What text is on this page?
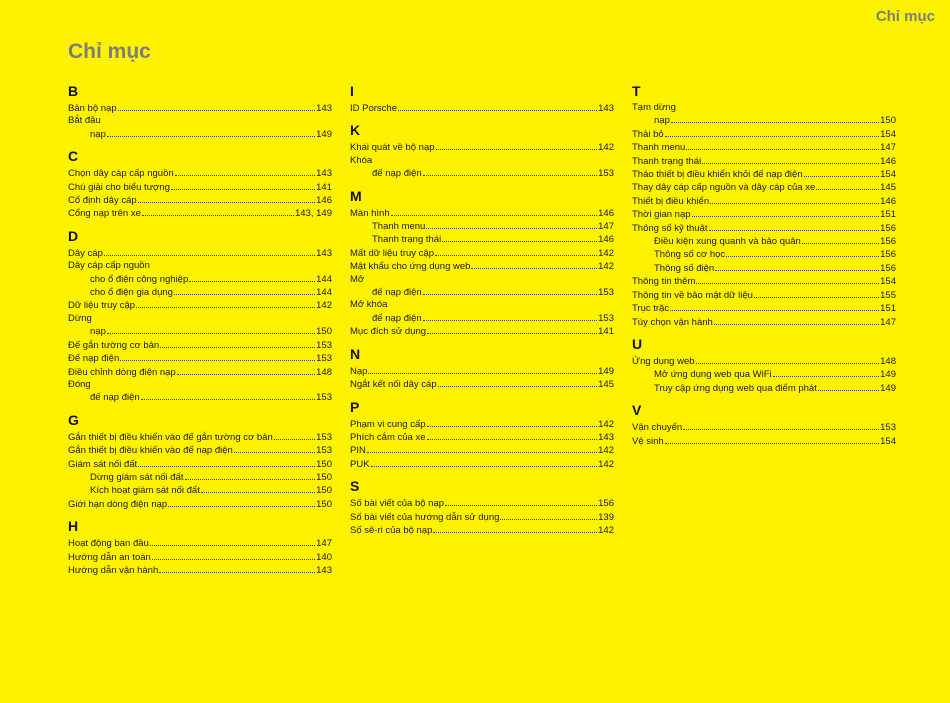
Chỉ mục
Chỉ mục
B
Bản bộ nạp	143
Bắt đầu
nạp	149
C
Chọn dây cáp cấp nguồn	143
Chú giải cho biểu tượng	141
Cố định dây cáp	146
Cổng nạp trên xe	143, 149
D
Dây cáp	143
Dây cáp cấp nguồn
cho ổ điện công nghiệp	144
cho ổ điện gia dụng	144
Dữ liệu truy cập	142
Dừng
nạp	150
Đế gắn tường cơ bản	153
Đế nạp điện	153
Điều chỉnh dòng điện nạp	148
Đóng
đế nạp điện	153
G
Gắn thiết bị điều khiển vào đế gắn tường cơ bản	153
Gắn thiết bị điều khiển vào đế nạp điện	153
Giám sát nối đất	150
Dừng giám sát nối đất	150
Kích hoạt giám sát nối đất	150
Giới hạn dòng điện nạp	150
H
Hoạt động ban đầu	147
Hướng dẫn an toàn	140
Hướng dẫn vận hành	143
I
ID Porsche	143
K
Khái quát về bộ nạp	142
Khóa
đế nạp điện	153
M
Màn hình	146
Thanh menu	147
Thanh trạng thái	146
Mất dữ liệu truy cập	142
Mật khẩu cho ứng dụng web	142
Mở
đế nạp điện	153
Mở khóa
đế nạp điện	153
Mục đích sử dụng	141
N
Nạp	149
Ngắt kết nối dây cáp	145
P
Phạm vi cung cấp	142
Phích cắm của xe	143
PIN	142
PUK	142
S
Số bài viết của bộ nạp	156
Số bài viết của hướng dẫn sử dụng	139
Số sê-ri của bộ nạp	142
T
Tạm dừng
nạp	150
Thải bỏ	154
Thanh menu	147
Thanh trạng thái	146
Tháo thiết bị điều khiển khỏi đế nạp điện	154
Thay dây cáp cấp nguồn và dây cáp của xe	145
Thiết bị điều khiển	146
Thời gian nạp	151
Thông số kỹ thuật	156
Điều kiện xung quanh và bảo quản	156
Thông số cơ học	156
Thông số điện	156
Thông tin thêm	154
Thông tin về bảo mật dữ liệu	155
Trục trặc	151
Tùy chọn vận hành	147
U
Ứng dụng web	148
Mở ứng dụng web qua WiFi	149
Truy cập ứng dụng web qua điểm phát	149
V
Vận chuyển	153
Vệ sinh	154
